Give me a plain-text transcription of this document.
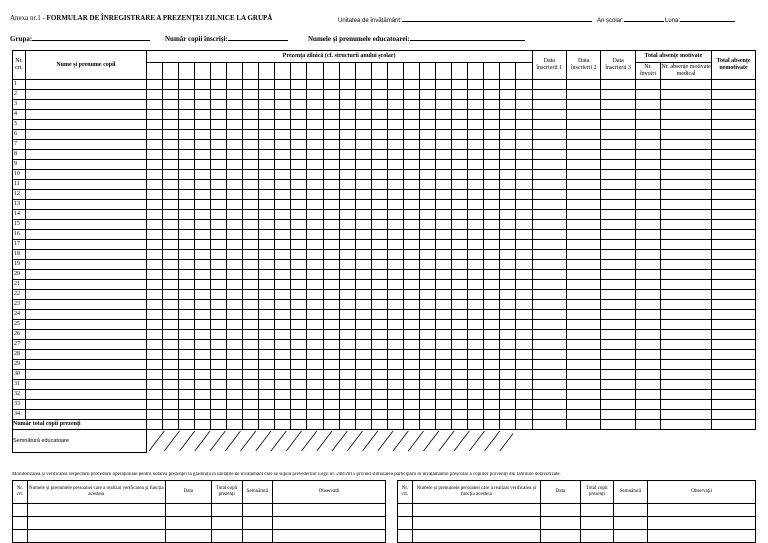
Anexa nr.1 - FORMULAR DE ÎNREGISTRARE A PREZENȚEI ZILNICE LA GRUPĂ	Unitatea de învățământ:	An școlar:	Luna:
Grupa:	Număr copii înscriși:	Numele și prenumele educatoarei:
Nr. crt.	Nume și prenume copil	Prezența zilnică (cf. structurii anului școlar)																								Data înscrierii 1	Data înscrierii 2	Data înscrierii 3	Total absențe motivate		Total absențe nemotivate
																													Nr. învoiri	Nr. absențe motivate medical	
1																															
2																															
3																															
4																															
5																															
6																															
7																															
8																															
9																															
10																															
11																															
12																															
13																															
14																															
15																															
16																															
17																															
18																															
19																															
20																															
21																															
22																															
23																															
24																															
25																															
26																															
27																															
28																															
29																															
30																															
31																															
32																															
33																															
34																															
Număr total copii prezenți																															
Semnătură educatoare	

Monitorizarea și verificarea respectării procedurii operaționale pentru notarea prezenței la grădiniță în unitățile de învățământ care se supun prevederilor Legii nr. 248/2015 privind stimularea participării în învățământul preșcolar a copiilor proveniți din familiile defavorizate.
Nr. crt.	Numele și prenumele persoanei care a realizat verificarea și funcția acesteia	Data	Total copii prezenți	Semnătură	Observații

Nr. crt.	Numele și prenumele persoanei care a realizat verificarea și funcția acesteia	Data	Total copii prezenți	Semnătură	Observații
